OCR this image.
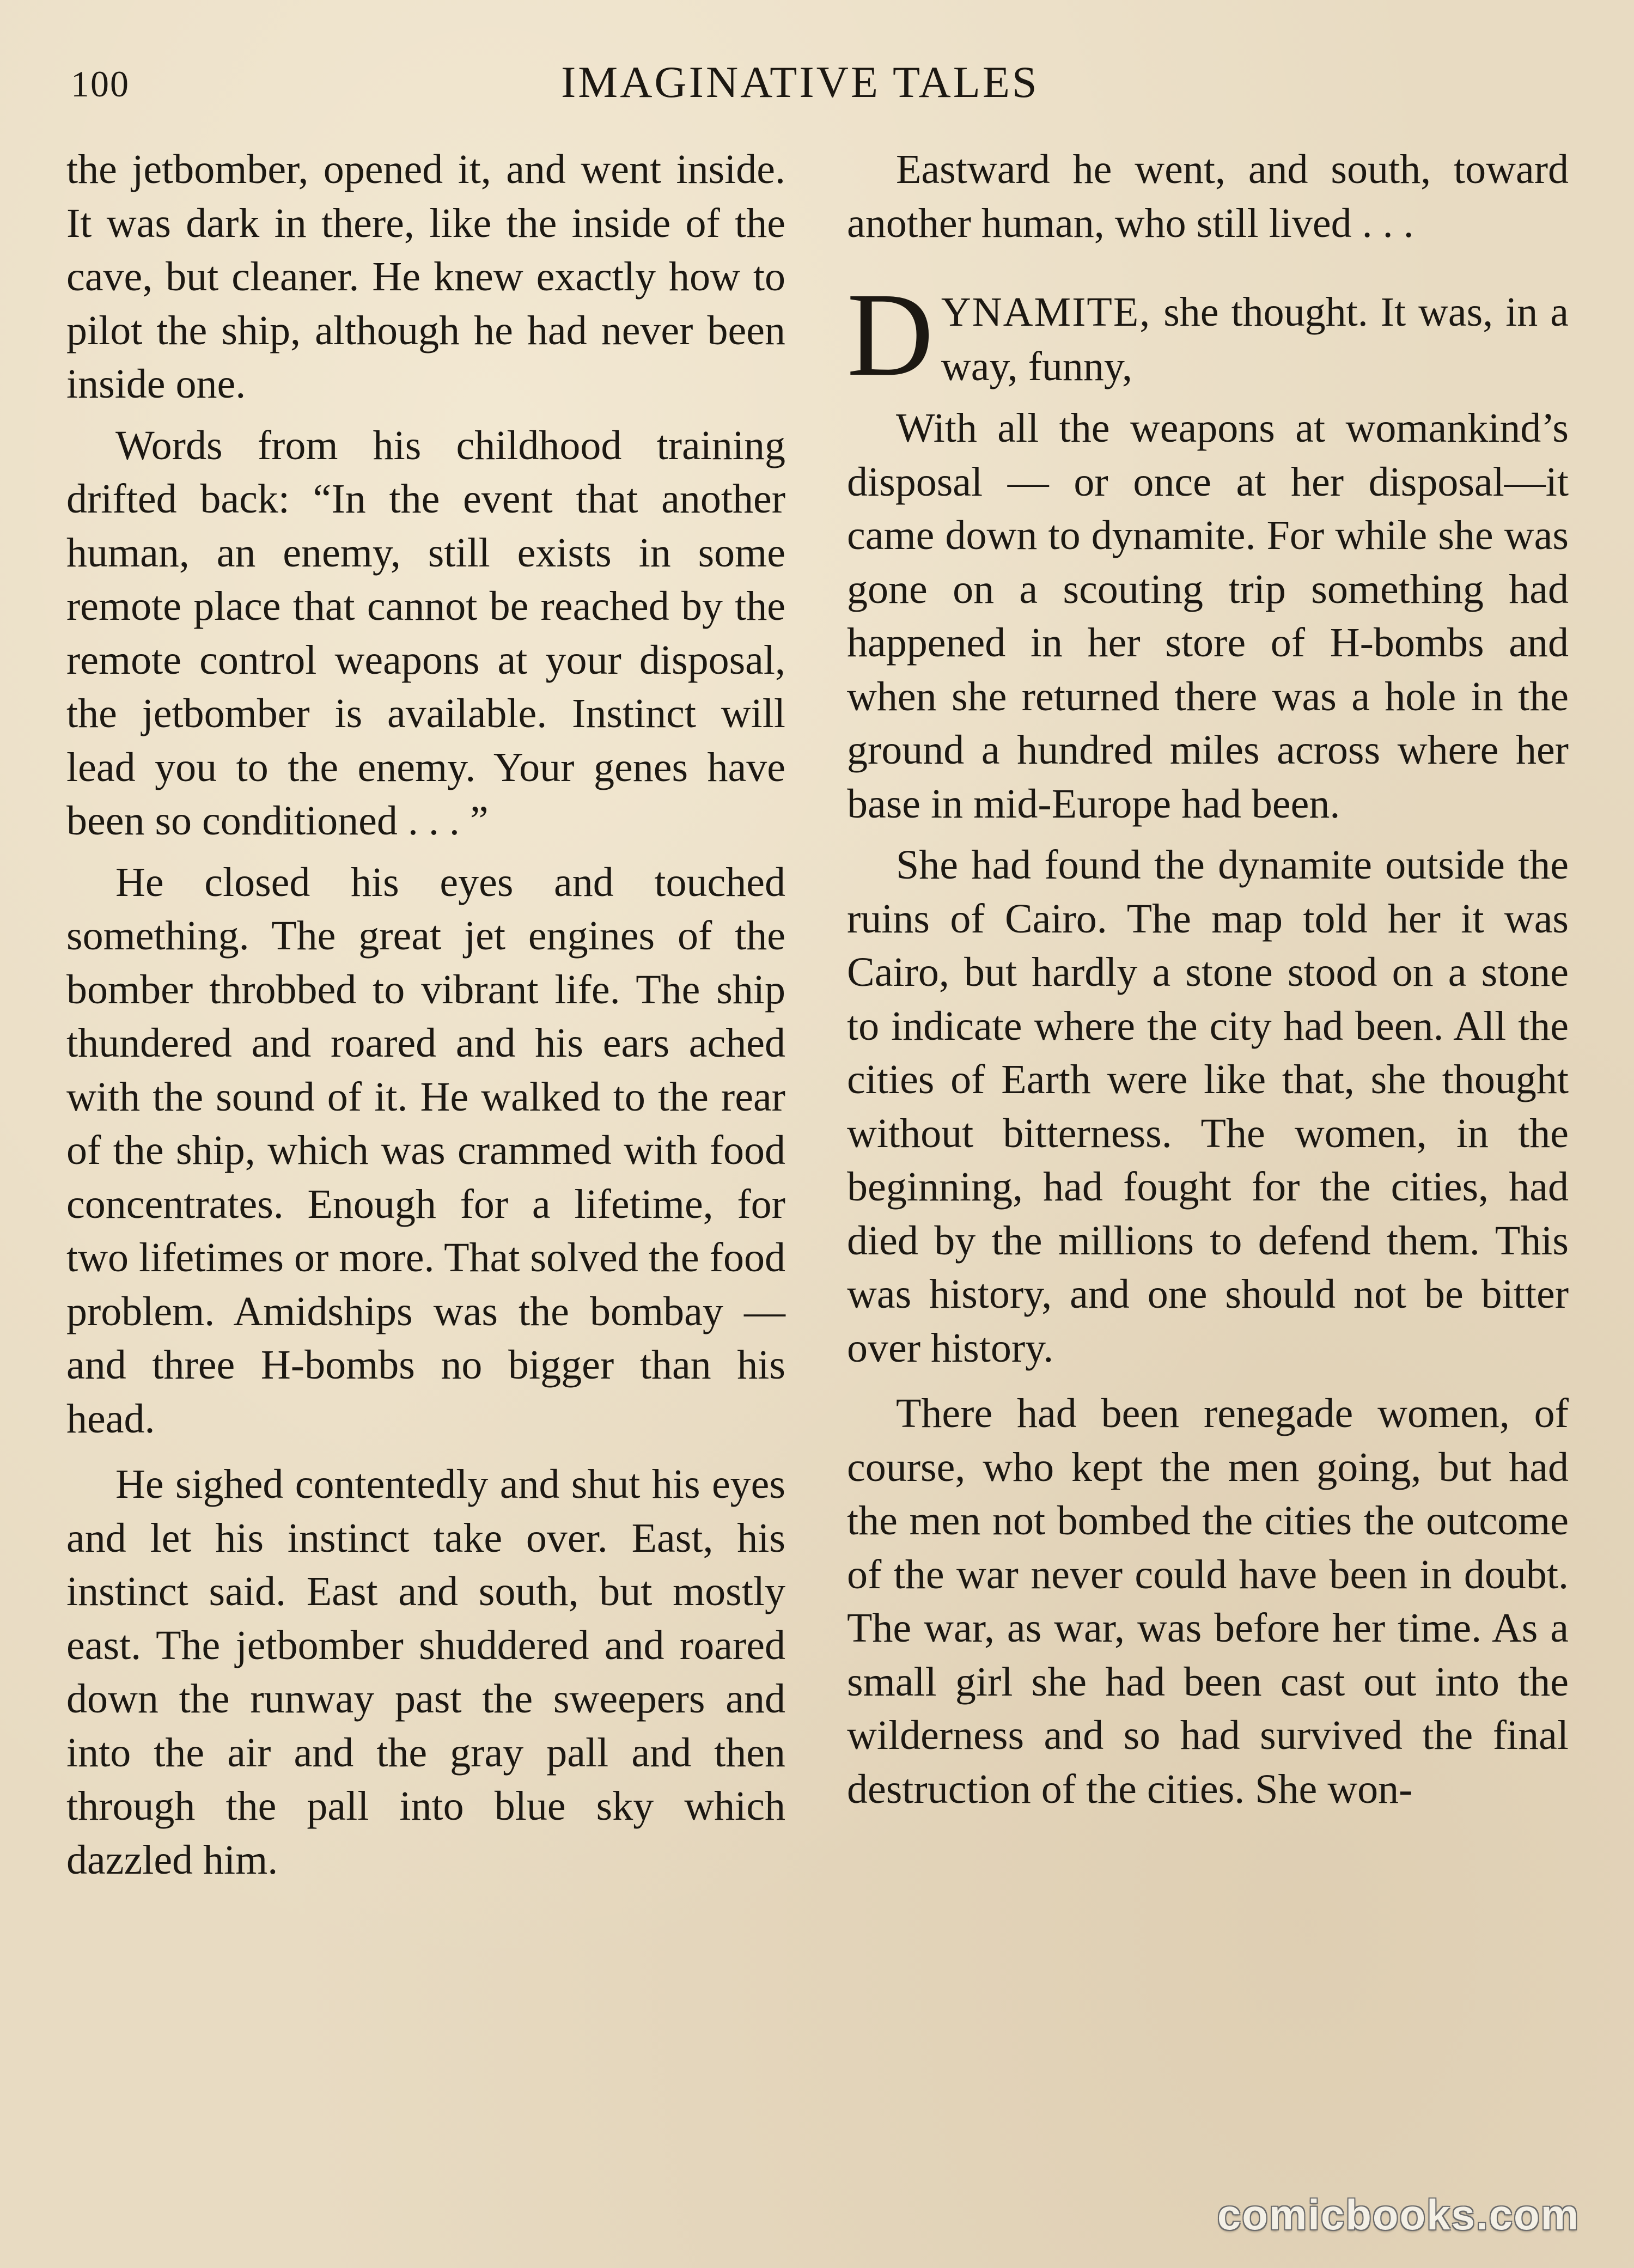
100	IMAGINATIVE TALES

the jetbomber, opened it, and went inside. It was dark in there, like the inside of the cave, but cleaner. He knew exactly how to pilot the ship, although he had never been inside one.

Words from his childhood training drifted back: “In the event that another human, an enemy, still exists in some remote place that cannot be reached by the remote control weapons at your disposal, the jetbomber is available. Instinct will lead you to the enemy. Your genes have been so conditioned . . . ”

He closed his eyes and touched something. The great jet engines of the bomber throbbed to vibrant life. The ship thundered and roared and his ears ached with the sound of it. He walked to the rear of the ship, which was crammed with food concentrates. Enough for a lifetime, for two lifetimes or more. That solved the food problem. Amidships was the bombay — and three H-bombs no bigger than his head.

He sighed contentedly and shut his eyes and let his instinct take over. East, his instinct said. East and south, but mostly east. The jetbomber shuddered and roared down the runway past the sweepers and into the air and the gray pall and then through the pall into blue sky which dazzled him.

Eastward he went, and south, toward another human, who still lived . . .

DYNAMITE, she thought. It was, in a way, funny,

With all the weapons at womankind’s disposal — or once at her disposal—it came down to dynamite. For while she was gone on a scouting trip something had happened in her store of H-bombs and when she returned there was a hole in the ground a hundred miles across where her base in mid-Europe had been.

She had found the dynamite outside the ruins of Cairo. The map told her it was Cairo, but hardly a stone stood on a stone to indicate where the city had been. All the cities of Earth were like that, she thought without bitterness. The women, in the beginning, had fought for the cities, had died by the millions to defend them. This was history, and one should not be bitter over history.

There had been renegade women, of course, who kept the men going, but had the men not bombed the cities the outcome of the war never could have been in doubt. The war, as war, was before her time. As a small girl she had been cast out into the wilderness and so had survived the final destruction of the cities. She won-

comicbooks.com
